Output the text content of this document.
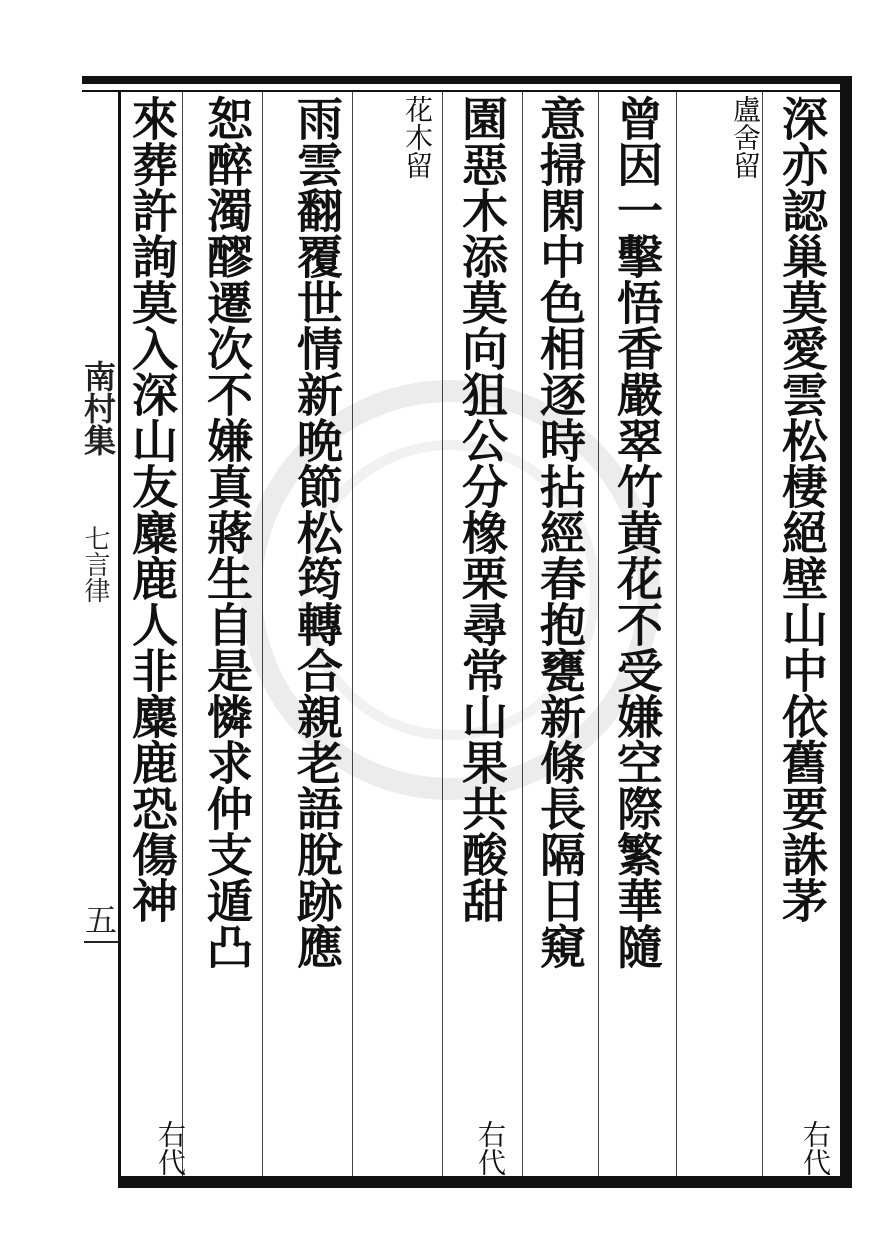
南村集
七言律
五	深亦認巢莫愛雲松棲絕壁山中依舊要誅茅
右代
盧舍留
曾因一擊悟香嚴翠竹黄花不受嫌空際繁華隨
意掃閑中色相逐時拈經春抱甕新條長隔日窺
園惡木添莫向狙公分橡栗尋常山果共酸甜
右代
花木留
雨雲翻覆世情新晩節松筠轉合親老語脫跡應
恕醉濁醪遷次不嫌真蔣生自是憐求仲支遁凸
來葬許詢莫入深山友麋鹿人非麋鹿恐傷神
右代
